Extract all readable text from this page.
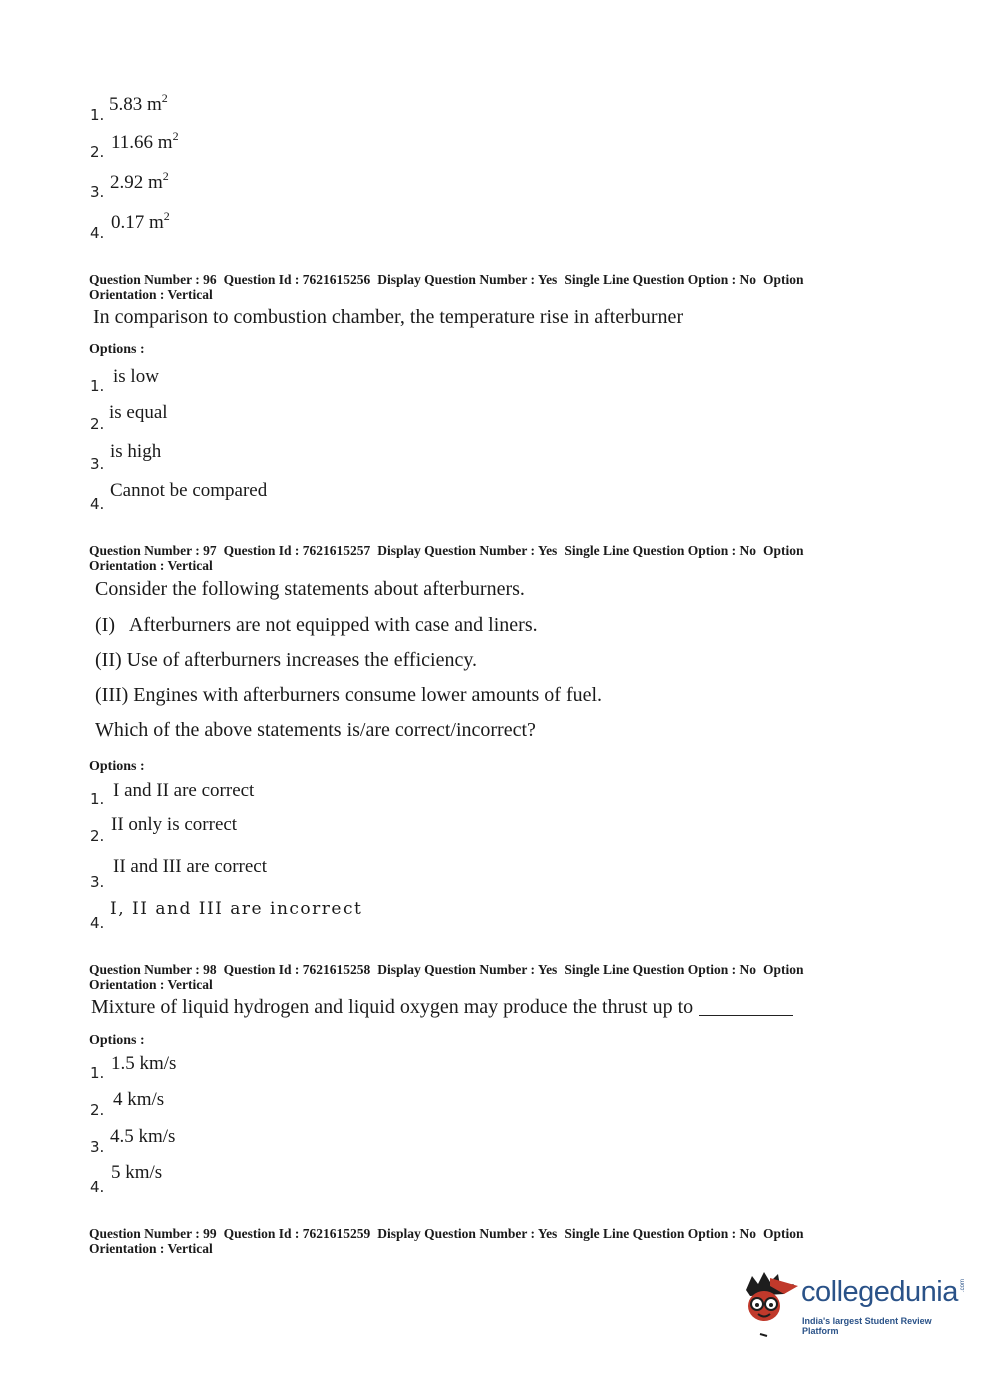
1. 5.83 $m^2$
2. 11.66 $m^2$
3. 2.92 $m^2$
4. 0.17 $m^2$
Question Number : 96 Question Id : 7621615256 Display Question Number : Yes Single Line Question Option : No Option Orientation : Vertical
In comparison to combustion chamber, the temperature rise in afterburner
Options :
1. is low
2.
is equal
3.
is high
4.
Cannot be compared
Question Number : 97 Question Id : 7621615257 Display Question Number : Yes Single Line Question Option : No Option Orientation : Vertical
Consider the following statements about afterburners.
(I)   Afterburners are not equipped with case and liners.
(II) Use of afterburners increases the efficiency.
(III) Engines with afterburners consume lower amounts of fuel.
Which of the above statements is/are correct/incorrect?
Options :
1. I and II are correct
2.
II only is correct
3.
II and III are correct
4.
I, II and III are incorrect
Question Number : 98 Question Id : 7621615258 Display Question Number : Yes Single Line Question Option : No Option Orientation : Vertical
Mixture of liquid hydrogen and liquid oxygen may produce the thrust up to
Options :
1. 1.5 km/s
2. 4 km/s
3. 4.5 km/s
4.
5 km/s
Question Number : 99 Question Id : 7621615259 Display Question Number : Yes Single Line Question Option : No Option Orientation : Vertical
collegedunia .com
India's largest Student Review Platform
